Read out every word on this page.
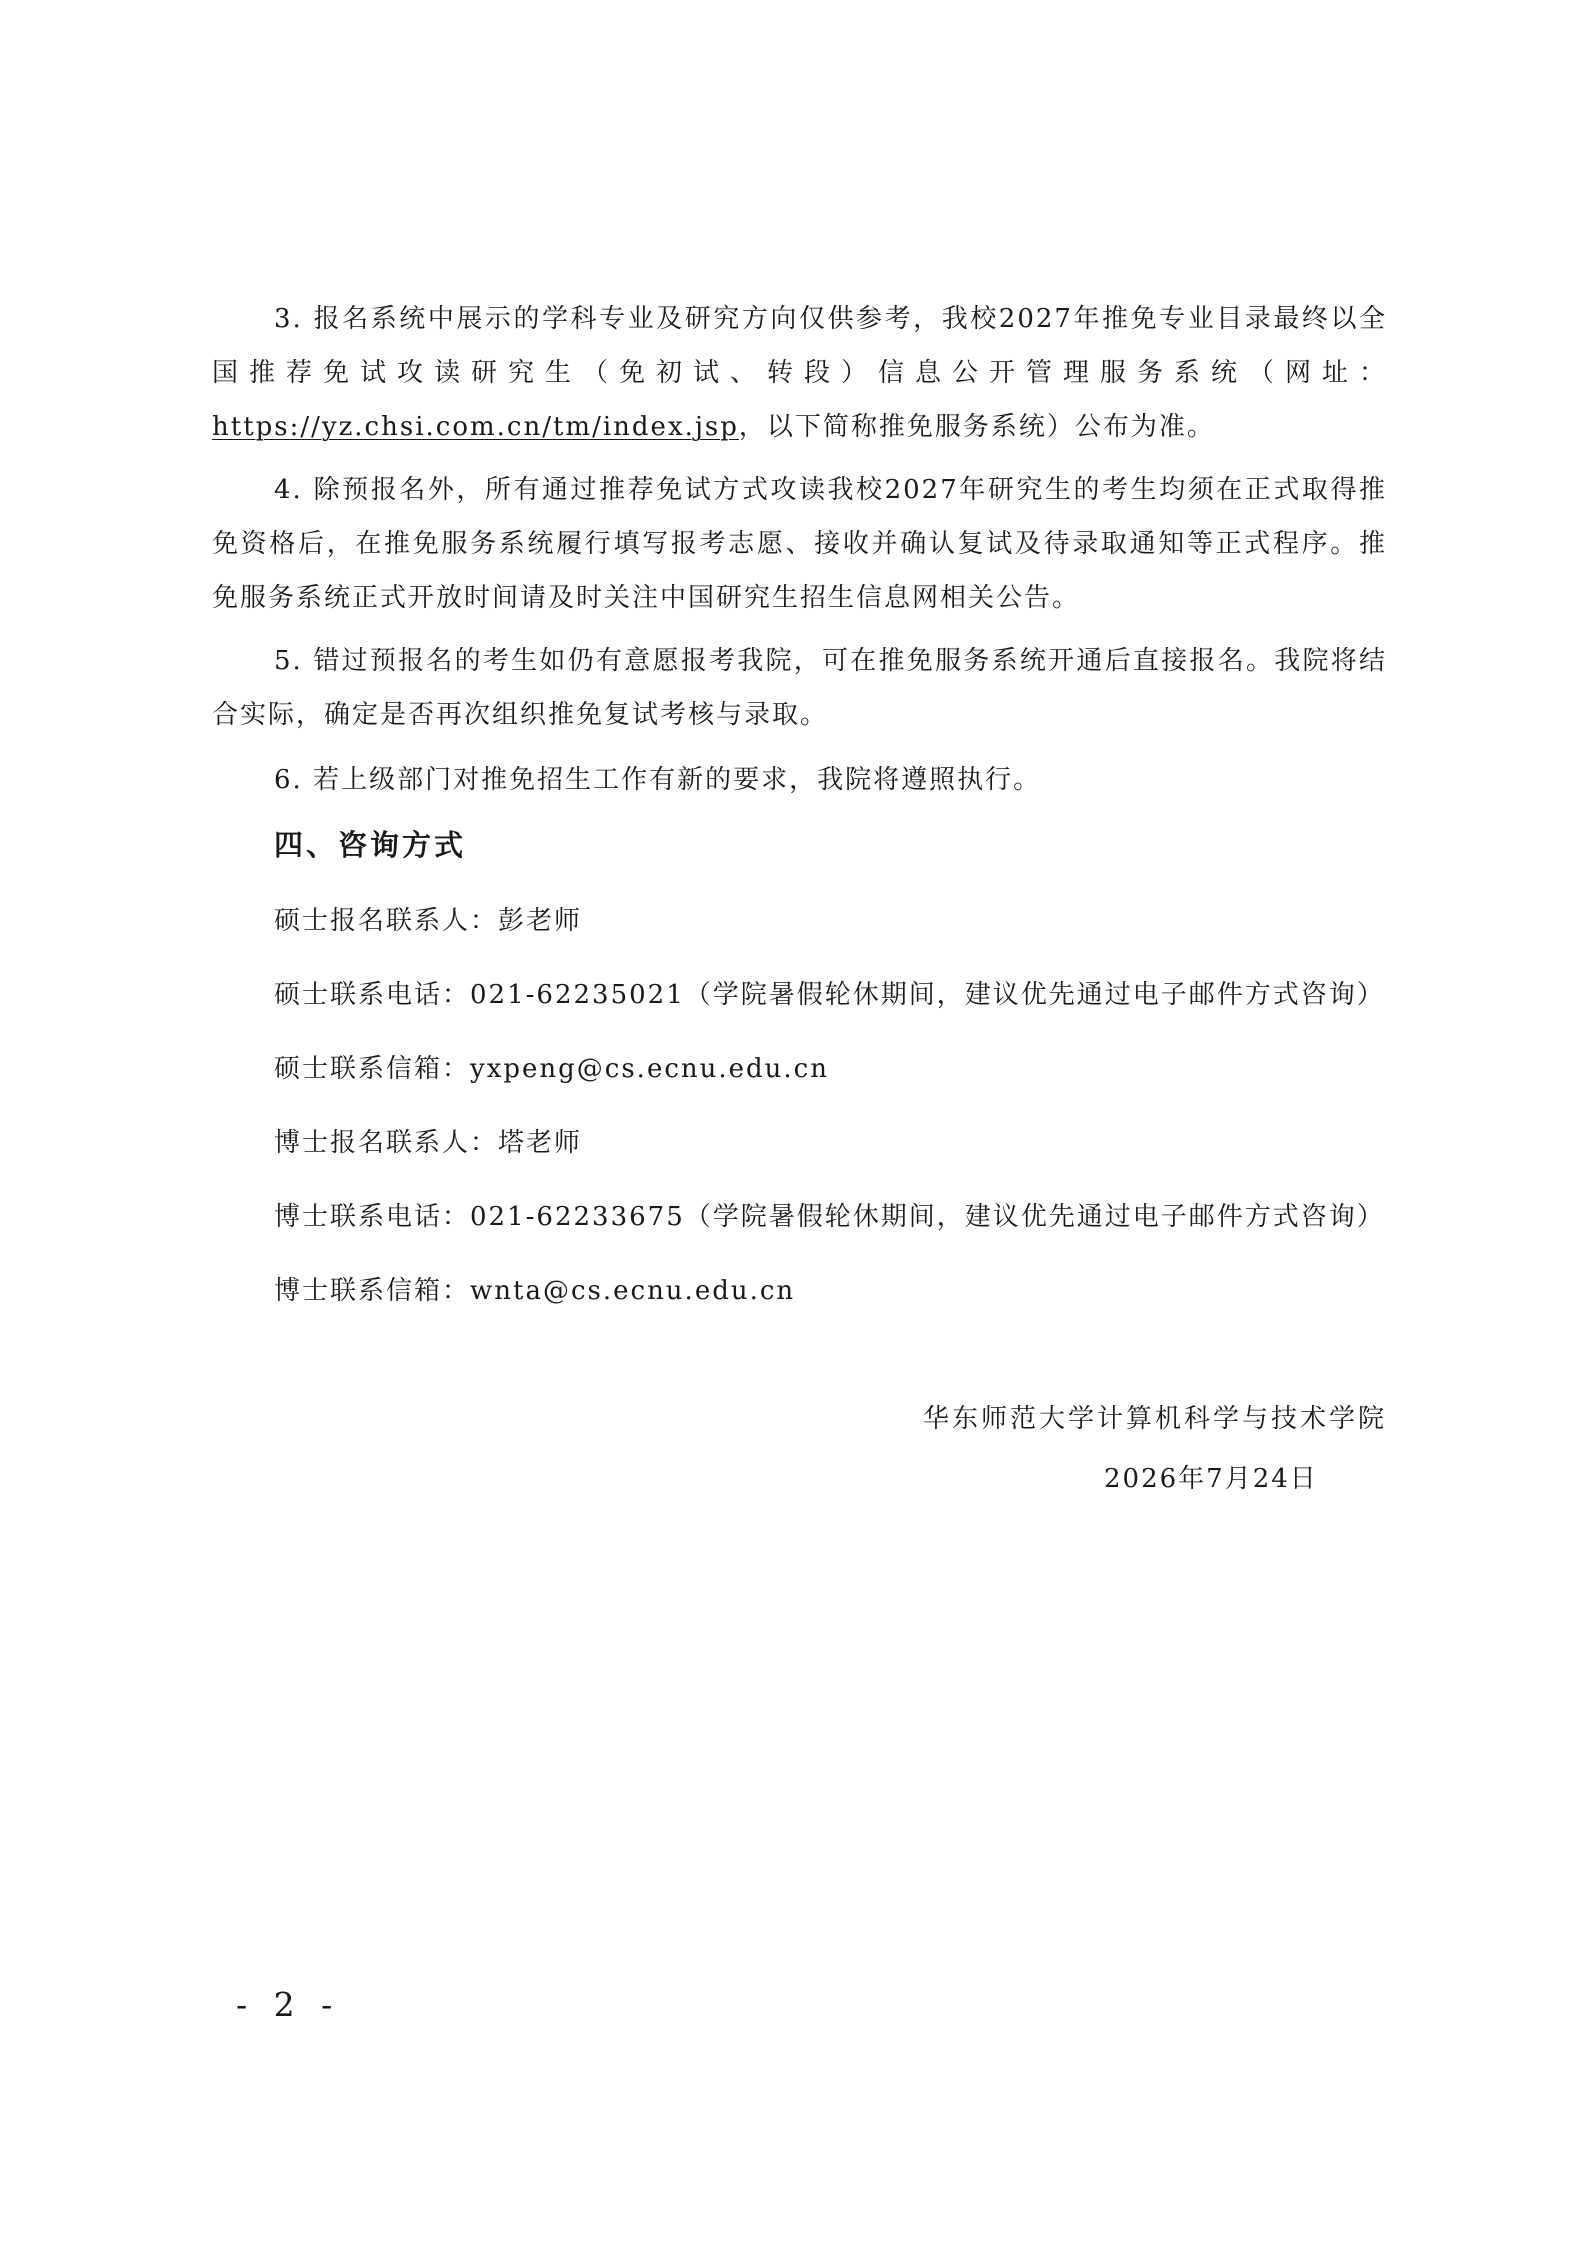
3. 报名系统中展示的学科专业及研究方向仅供参考，我校2027年推免专业目录最终以全国推荐免试攻读研究生（免初试、转段）信息公开管理服务系统（网址：https://yz.chsi.com.cn/tm/index.jsp，以下简称推免服务系统）公布为准。

4. 除预报名外，所有通过推荐免试方式攻读我校2027年研究生的考生均须在正式取得推免资格后，在推免服务系统履行填写报考志愿、接收并确认复试及待录取通知等正式程序。推免服务系统正式开放时间请及时关注中国研究生招生信息网相关公告。

5. 错过预报名的考生如仍有意愿报考我院，可在推免服务系统开通后直接报名。我院将结合实际，确定是否再次组织推免复试考核与录取。

6. 若上级部门对推免招生工作有新的要求，我院将遵照执行。

四、咨询方式

硕士报名联系人：彭老师

硕士联系电话：021-62235021（学院暑假轮休期间，建议优先通过电子邮件方式咨询）

硕士联系信箱：yxpeng@cs.ecnu.edu.cn

博士报名联系人：塔老师

博士联系电话：021-62233675（学院暑假轮休期间，建议优先通过电子邮件方式咨询）

博士联系信箱：wnta@cs.ecnu.edu.cn

华东师范大学计算机科学与技术学院

2026年7月24日

- 2 -
